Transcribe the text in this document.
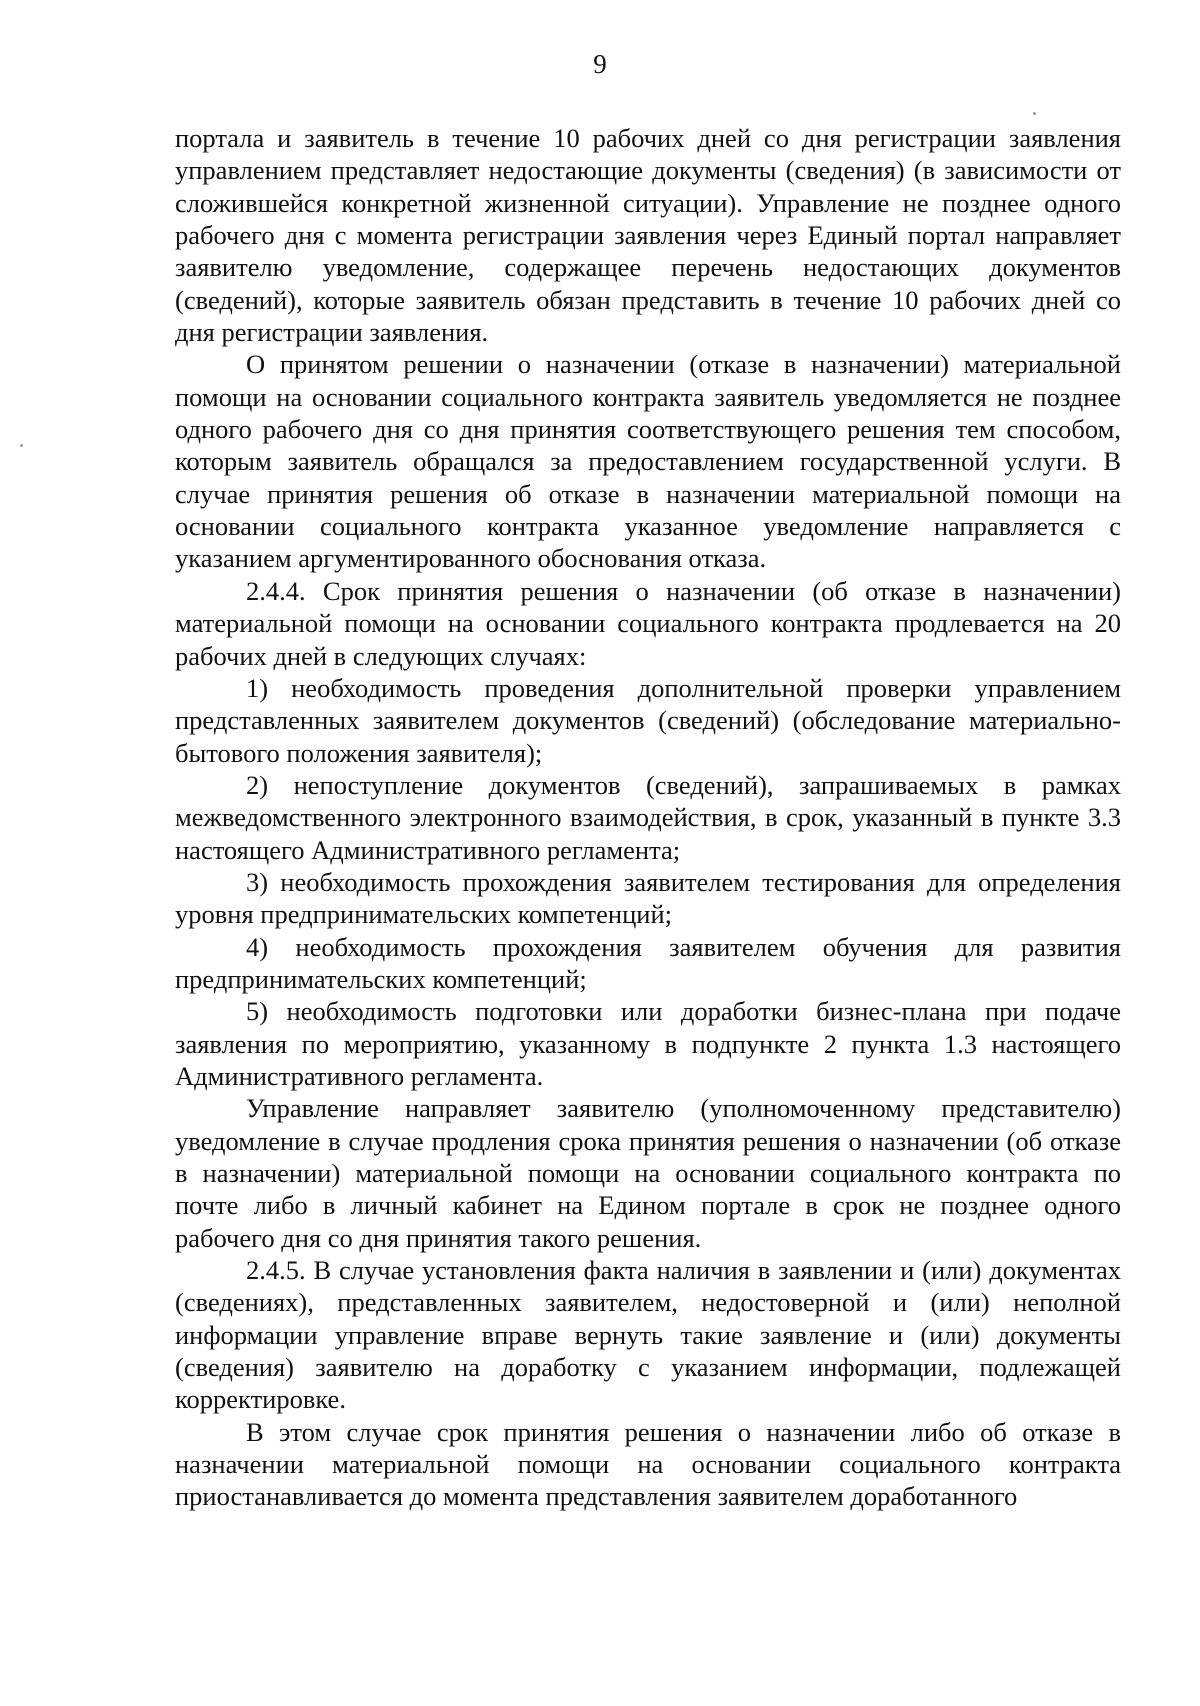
9

портала и заявитель в течение 10 рабочих дней со дня регистрации заявления управлением представляет недостающие документы (сведения) (в зависимости от сложившейся конкретной жизненной ситуации). Управление не позднее одного рабочего дня с момента регистрации заявления через Единый портал направляет заявителю уведомление, содержащее перечень недостающих документов (сведений), которые заявитель обязан представить в течение 10 рабочих дней со дня регистрации заявления.

О принятом решении о назначении (отказе в назначении) материальной помощи на основании социального контракта заявитель уведомляется не позднее одного рабочего дня со дня принятия соответствующего решения тем способом, которым заявитель обращался за предоставлением государственной услуги. В случае принятия решения об отказе в назначении материальной помощи на основании социального контракта указанное уведомление направляется с указанием аргументированного обоснования отказа.

2.4.4. Срок принятия решения о назначении (об отказе в назначении) материальной помощи на основании социального контракта продлевается на 20 рабочих дней в следующих случаях:

1) необходимость проведения дополнительной проверки управлением представленных заявителем документов (сведений) (обследование материально-бытового положения заявителя);

2) непоступление документов (сведений), запрашиваемых в рамках межведомственного электронного взаимодействия, в срок, указанный в пункте 3.3 настоящего Административного регламента;

3) необходимость прохождения заявителем тестирования для определения уровня предпринимательских компетенций;

4) необходимость прохождения заявителем обучения для развития предпринимательских компетенций;

5) необходимость подготовки или доработки бизнес-плана при подаче заявления по мероприятию, указанному в подпункте 2 пункта 1.3 настоящего Административного регламента.

Управление направляет заявителю (уполномоченному представителю) уведомление в случае продления срока принятия решения о назначении (об отказе в назначении) материальной помощи на основании социального контракта по почте либо в личный кабинет на Едином портале в срок не позднее одного рабочего дня со дня принятия такого решения.

2.4.5. В случае установления факта наличия в заявлении и (или) документах (сведениях), представленных заявителем, недостоверной и (или) неполной информации управление вправе вернуть такие заявление и (или) документы (сведения) заявителю на доработку с указанием информации, подлежащей корректировке.

В этом случае срок принятия решения о назначении либо об отказе в назначении материальной помощи на основании социального контракта приостанавливается до момента представления заявителем доработанного
